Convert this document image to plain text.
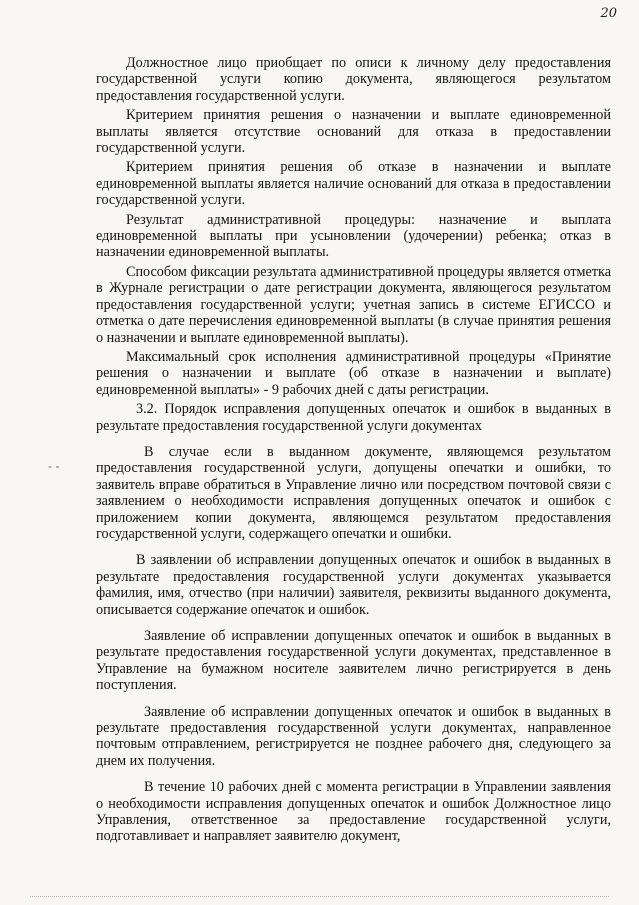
20

Должностное лицо приобщает по описи к личному делу предоставления государственной услуги копию документа, являющегося результатом предоставления государственной услуги.

Критерием принятия решения о назначении и выплате единовременной выплаты является отсутствие оснований для отказа в предоставлении государственной услуги.

Критерием принятия решения об отказе в назначении и выплате единовременной выплаты является наличие оснований для отказа в предоставлении государственной услуги.

Результат административной процедуры: назначение и выплата единовременной выплаты при усыновлении (удочерении) ребенка; отказ в назначении единовременной выплаты.

Способом фиксации результата административной процедуры является отметка в Журнале регистрации о дате регистрации документа, являющегося результатом предоставления государственной услуги; учетная запись в системе ЕГИССО и отметка о дате перечисления единовременной выплаты (в случае принятия решения о назначении и выплате единовременной выплаты).

Максимальный срок исполнения административной процедуры «Принятие решения о назначении и выплате (об отказе в назначении и выплате) единовременной выплаты» - 9 рабочих дней с даты регистрации.

3.2. Порядок исправления допущенных опечаток и ошибок в выданных в результате предоставления государственной услуги документах

В случае если в выданном документе, являющемся результатом предоставления государственной услуги, допущены опечатки и ошибки, то заявитель вправе обратиться в Управление лично или посредством почтовой связи с заявлением о необходимости исправления допущенных опечаток и ошибок с приложением копии документа, являющемся результатом предоставления государственной услуги, содержащего опечатки и ошибки.

В заявлении об исправлении допущенных опечаток и ошибок в выданных в результате предоставления государственной услуги документах указывается фамилия, имя, отчество (при наличии) заявителя, реквизиты выданного документа, описывается содержание опечаток и ошибок.

Заявление об исправлении допущенных опечаток и ошибок в выданных в результате предоставления государственной услуги документах, представленное в Управление на бумажном носителе заявителем лично регистрируется в день поступления.

Заявление об исправлении допущенных опечаток и ошибок в выданных в результате предоставления государственной услуги документах, направленное почтовым отправлением, регистрируется не позднее рабочего дня, следующего за днем их получения.

В течение 10 рабочих дней с момента регистрации в Управлении заявления о необходимости исправления допущенных опечаток и ошибок Должностное лицо Управления, ответственное за предоставление государственной услуги, подготавливает и направляет заявителю документ,

- -
